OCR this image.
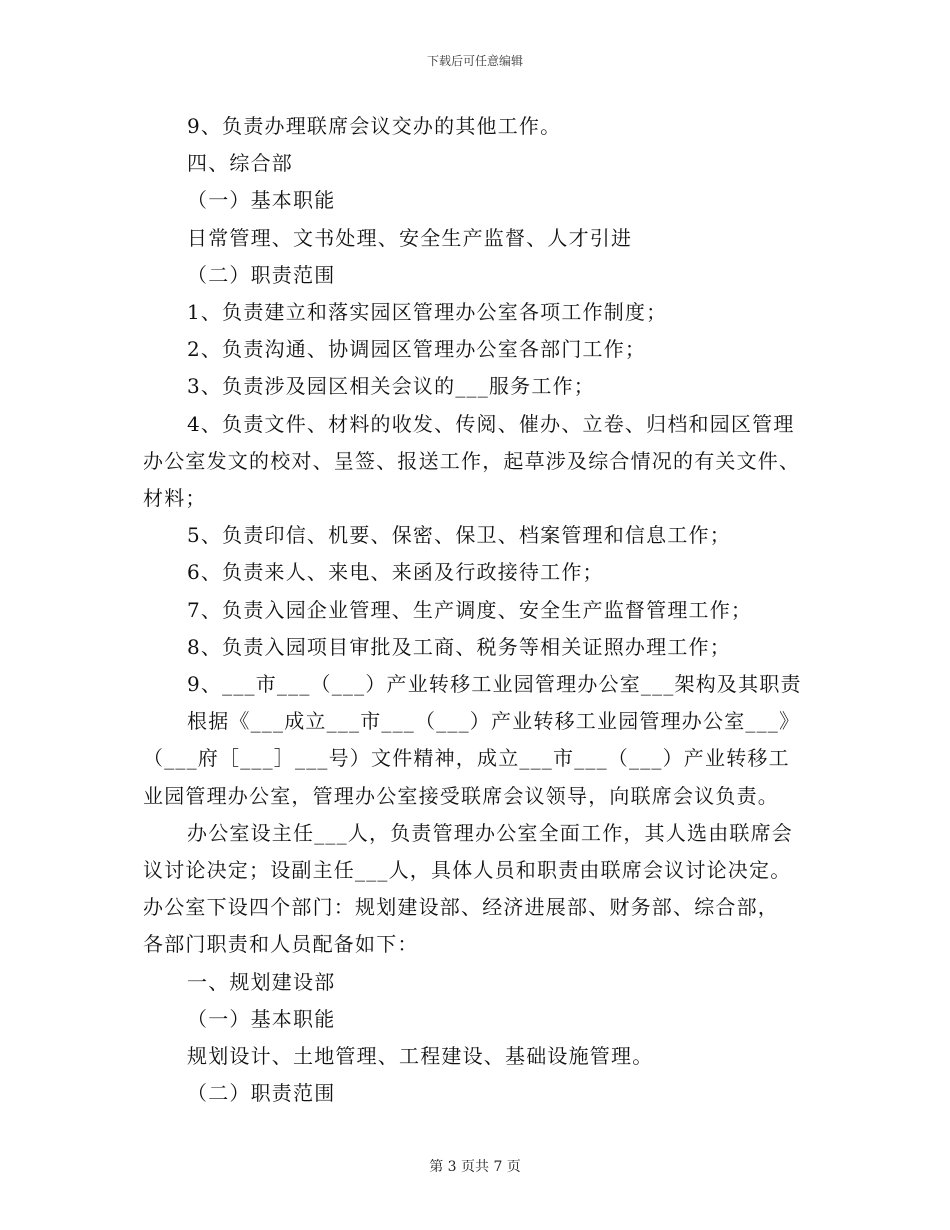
下载后可任意编辑
9、负责办理联席会议交办的其他工作。
四、综合部
（一）基本职能
日常管理、文书处理、安全生产监督、人才引进
（二）职责范围
1、负责建立和落实园区管理办公室各项工作制度；
2、负责沟通、协调园区管理办公室各部门工作；
3、负责涉及园区相关会议的___服务工作；
4、负责文件、材料的收发、传阅、催办、立卷、归档和园区管理
办公室发文的校对、呈签、报送工作，起草涉及综合情况的有关文件、
材料；
5、负责印信、机要、保密、保卫、档案管理和信息工作；
6、负责来人、来电、来函及行政接待工作；
7、负责入园企业管理、生产调度、安全生产监督管理工作；
8、负责入园项目审批及工商、税务等相关证照办理工作；
9、___市___（___）产业转移工业园管理办公室___架构及其职责
根据《___成立___市___（___）产业转移工业园管理办公室___》
（___府［___］___号）文件精神，成立___市___（___）产业转移工
业园管理办公室，管理办公室接受联席会议领导，向联席会议负责。
办公室设主任___人，负责管理办公室全面工作，其人选由联席会
议讨论决定；设副主任___人，具体人员和职责由联席会议讨论决定。
办公室下设四个部门：规划建设部、经济进展部、财务部、综合部，
各部门职责和人员配备如下：
一、规划建设部
（一）基本职能
规划设计、土地管理、工程建设、基础设施管理。
（二）职责范围
第 3 页共 7 页
